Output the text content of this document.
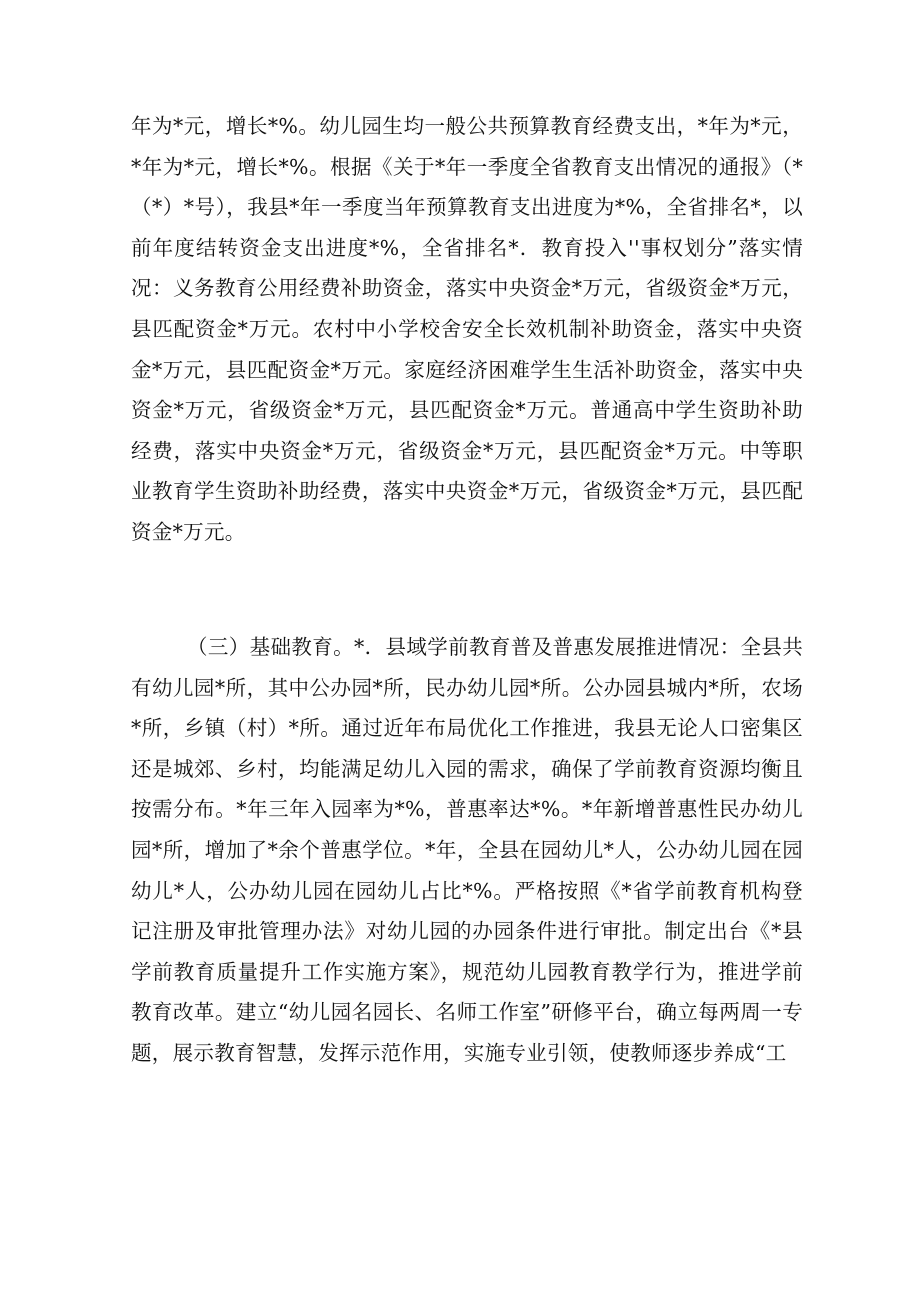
年为*元，增长*%。幼儿园生均一般公共预算教育经费支出，*年为*元，*年为*元，增长*%。根据《关于*年一季度全省教育支出情况的通报》（*（*）*号），我县*年一季度当年预算教育支出进度为*%，全省排名*，以前年度结转资金支出进度*%，全省排名*．教育投入''事权划分”落实情况：义务教育公用经费补助资金，落实中央资金*万元，省级资金*万元，县匹配资金*万元。农村中小学校舍安全长效机制补助资金，落实中央资金*万元，县匹配资金*万元。家庭经济困难学生生活补助资金，落实中央资金*万元，省级资金*万元，县匹配资金*万元。普通高中学生资助补助经费，落实中央资金*万元，省级资金*万元，县匹配资金*万元。中等职业教育学生资助补助经费，落实中央资金*万元，省级资金*万元，县匹配资金*万元。

（三）基础教育。*．县域学前教育普及普惠发展推进情况：全县共有幼儿园*所，其中公办园*所，民办幼儿园*所。公办园县城内*所，农场*所，乡镇（村）*所。通过近年布局优化工作推进，我县无论人口密集区还是城郊、乡村，均能满足幼儿入园的需求，确保了学前教育资源均衡且按需分布。*年三年入园率为*%，普惠率达*%。*年新增普惠性民办幼儿园*所，增加了*余个普惠学位。*年，全县在园幼儿*人，公办幼儿园在园幼儿*人，公办幼儿园在园幼儿占比*%。严格按照《*省学前教育机构登记注册及审批管理办法》对幼儿园的办园条件进行审批。制定出台《*县学前教育质量提升工作实施方案》，规范幼儿园教育教学行为，推进学前教育改革。建立“幼儿园名园长、名师工作室”研修平台，确立每两周一专题，展示教育智慧，发挥示范作用，实施专业引领，使教师逐步养成“工
